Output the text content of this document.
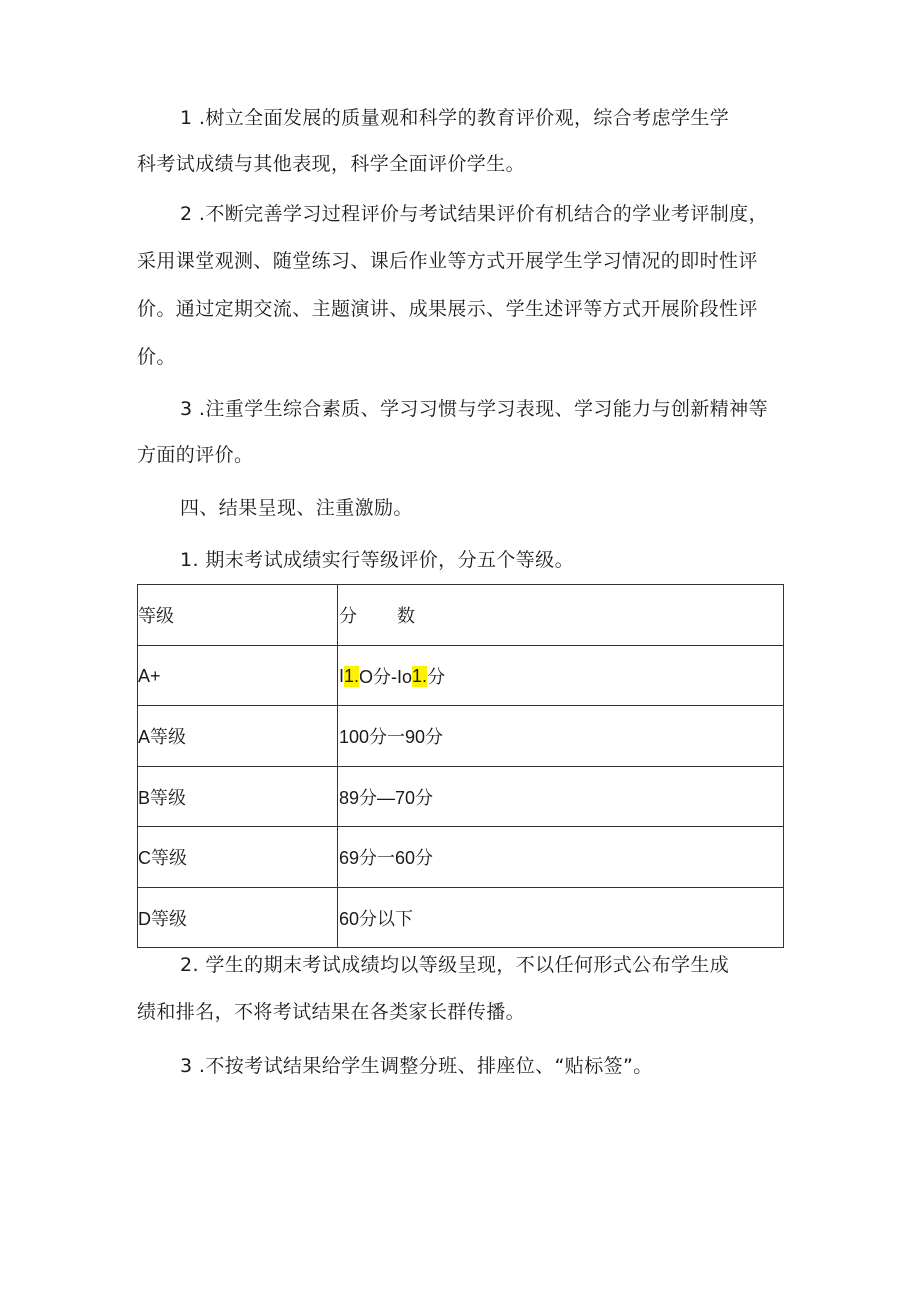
1 .树立全面发展的质量观和科学的教育评价观，综合考虑学生学
科考试成绩与其他表现，科学全面评价学生。
2 .不断完善学习过程评价与考试结果评价有机结合的学业考评制度，
采用课堂观测、随堂练习、课后作业等方式开展学生学习情况的即时性评
价。通过定期交流、主题演讲、成果展示、学生述评等方式开展阶段性评
价。
3 .注重学生综合素质、学习习惯与学习表现、学习能力与创新精神等
方面的评价。
四、结果呈现、注重激励。
1. 期末考试成绩实行等级评价，分五个等级。
等级	分        数
A+	I 1. O分-Io 1. 分
A等级	100分一90分
B等级	89分—70分
C等级	69分一60分
D等级	60分以下
2. 学生的期末考试成绩均以等级呈现，不以任何形式公布学生成
绩和排名，不将考试结果在各类家长群传播。
3 .不按考试结果给学生调整分班、排座位、“贴标签”。
